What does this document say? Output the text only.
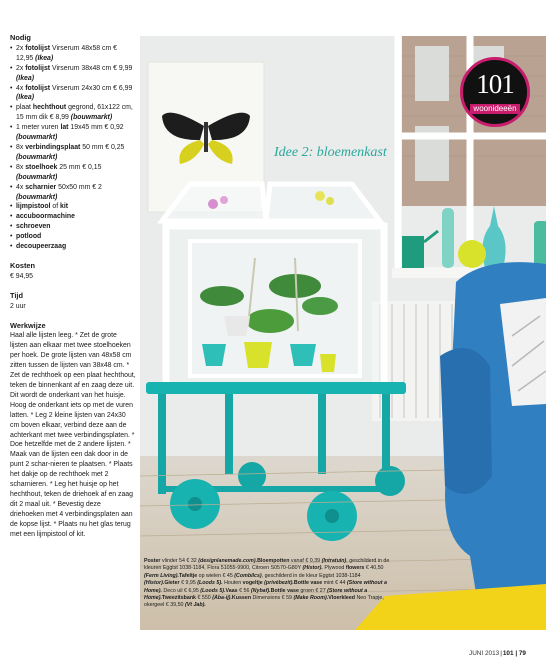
Nodig
• 2x fotolijst Virserum 48x58 cm € 12,95 (Ikea)
• 2x fotolijst Virserum 38x48 cm € 9,99 (Ikea)
• 4x fotolijst Virserum 24x30 cm € 6,99 (Ikea)
• plaat hechthout gegrond, 61x122 cm, 15 mm dik € 8,99 (bouwmarkt)
• 1 meter vuren lat 19x45 mm € 0,92 (bouwmarkt)
• 8x verbindingsplaat 50 mm € 0,25 (bouwmarkt)
• 8x stoelhoek 25 mm € 0,15 (bouwmarkt)
• 4x scharnier 50x50 mm € 2 (bouwmarkt)
• lijmpistool of kit
• accuboormachine
• schroeven
• potlood
• decoupeerzaag
Kosten
€ 94,95
Tijd
2 uur
Werkwijze

Haal alle lijsten leeg. * Zet de grote lijsten aan elkaar met twee stoelhoeken per hoek. De grote lijsten van 48x58 cm zitten tussen de lijsten van 38x48 cm. * Zet de rechthoek op een plaat hechthout, teken de binnenkant af en zaag deze uit. Dit wordt de onderkant van het huisje. Hoog de onderkant iets op met de vuren latten. * Leg 2 kleine lijsten van 24x30 cm boven elkaar, verbind deze aan de achterkant met twee verbindingsplaten. * Doe hetzelfde met de 2 andere lijsten. * Maak van de lijsten een dak door in de punt 2 schar-nieren te plaatsen. * Plaats het dakje op de rechthoek met 2 scharnieren. * Leg het huisje op het hechthout, teken de driehoek af en zaag dit 2 maal uit. * Bevestig deze driehoeken met 4 verbindingsplaten aan de kopse lijst. * Plaats nu het glas terug met een lijmpistool of kit.

101
woonideeën
Idee 2: bloemenkast
Poster vlinder 54 € 32 (designlanemade.com).Bloempotten vanaf € 0,39 (Intratuin), geschilderd in de kleuren Eggtst 1038-1184, Flora 51055-9900, Citroen S0570-G80Y (Histor). Plywood flowers € 40,50 (Ferm Living).Tafeltje op wielen € 45 (Combilcs), geschilderd in de kleur Eggtst 1038-1184 (Histor).Gieter € 9,95 (Loods 5). Houten vogeltje (privébezit).Bottle vase mint € 44 (Store without a Home). Deco uil € 6,95 (Loods 5).Vaas € 56 (Nybaf).Bottle vase groen € 27 (Store without a Home).Tweezitsbank € 550 (Aba-ij).Kussen Dimensions € 59 (Make Room).Vloerkleed Neo Trapje, okergeel € 39,50 (Vt Jab).
JUNI 2013|101 | 79
